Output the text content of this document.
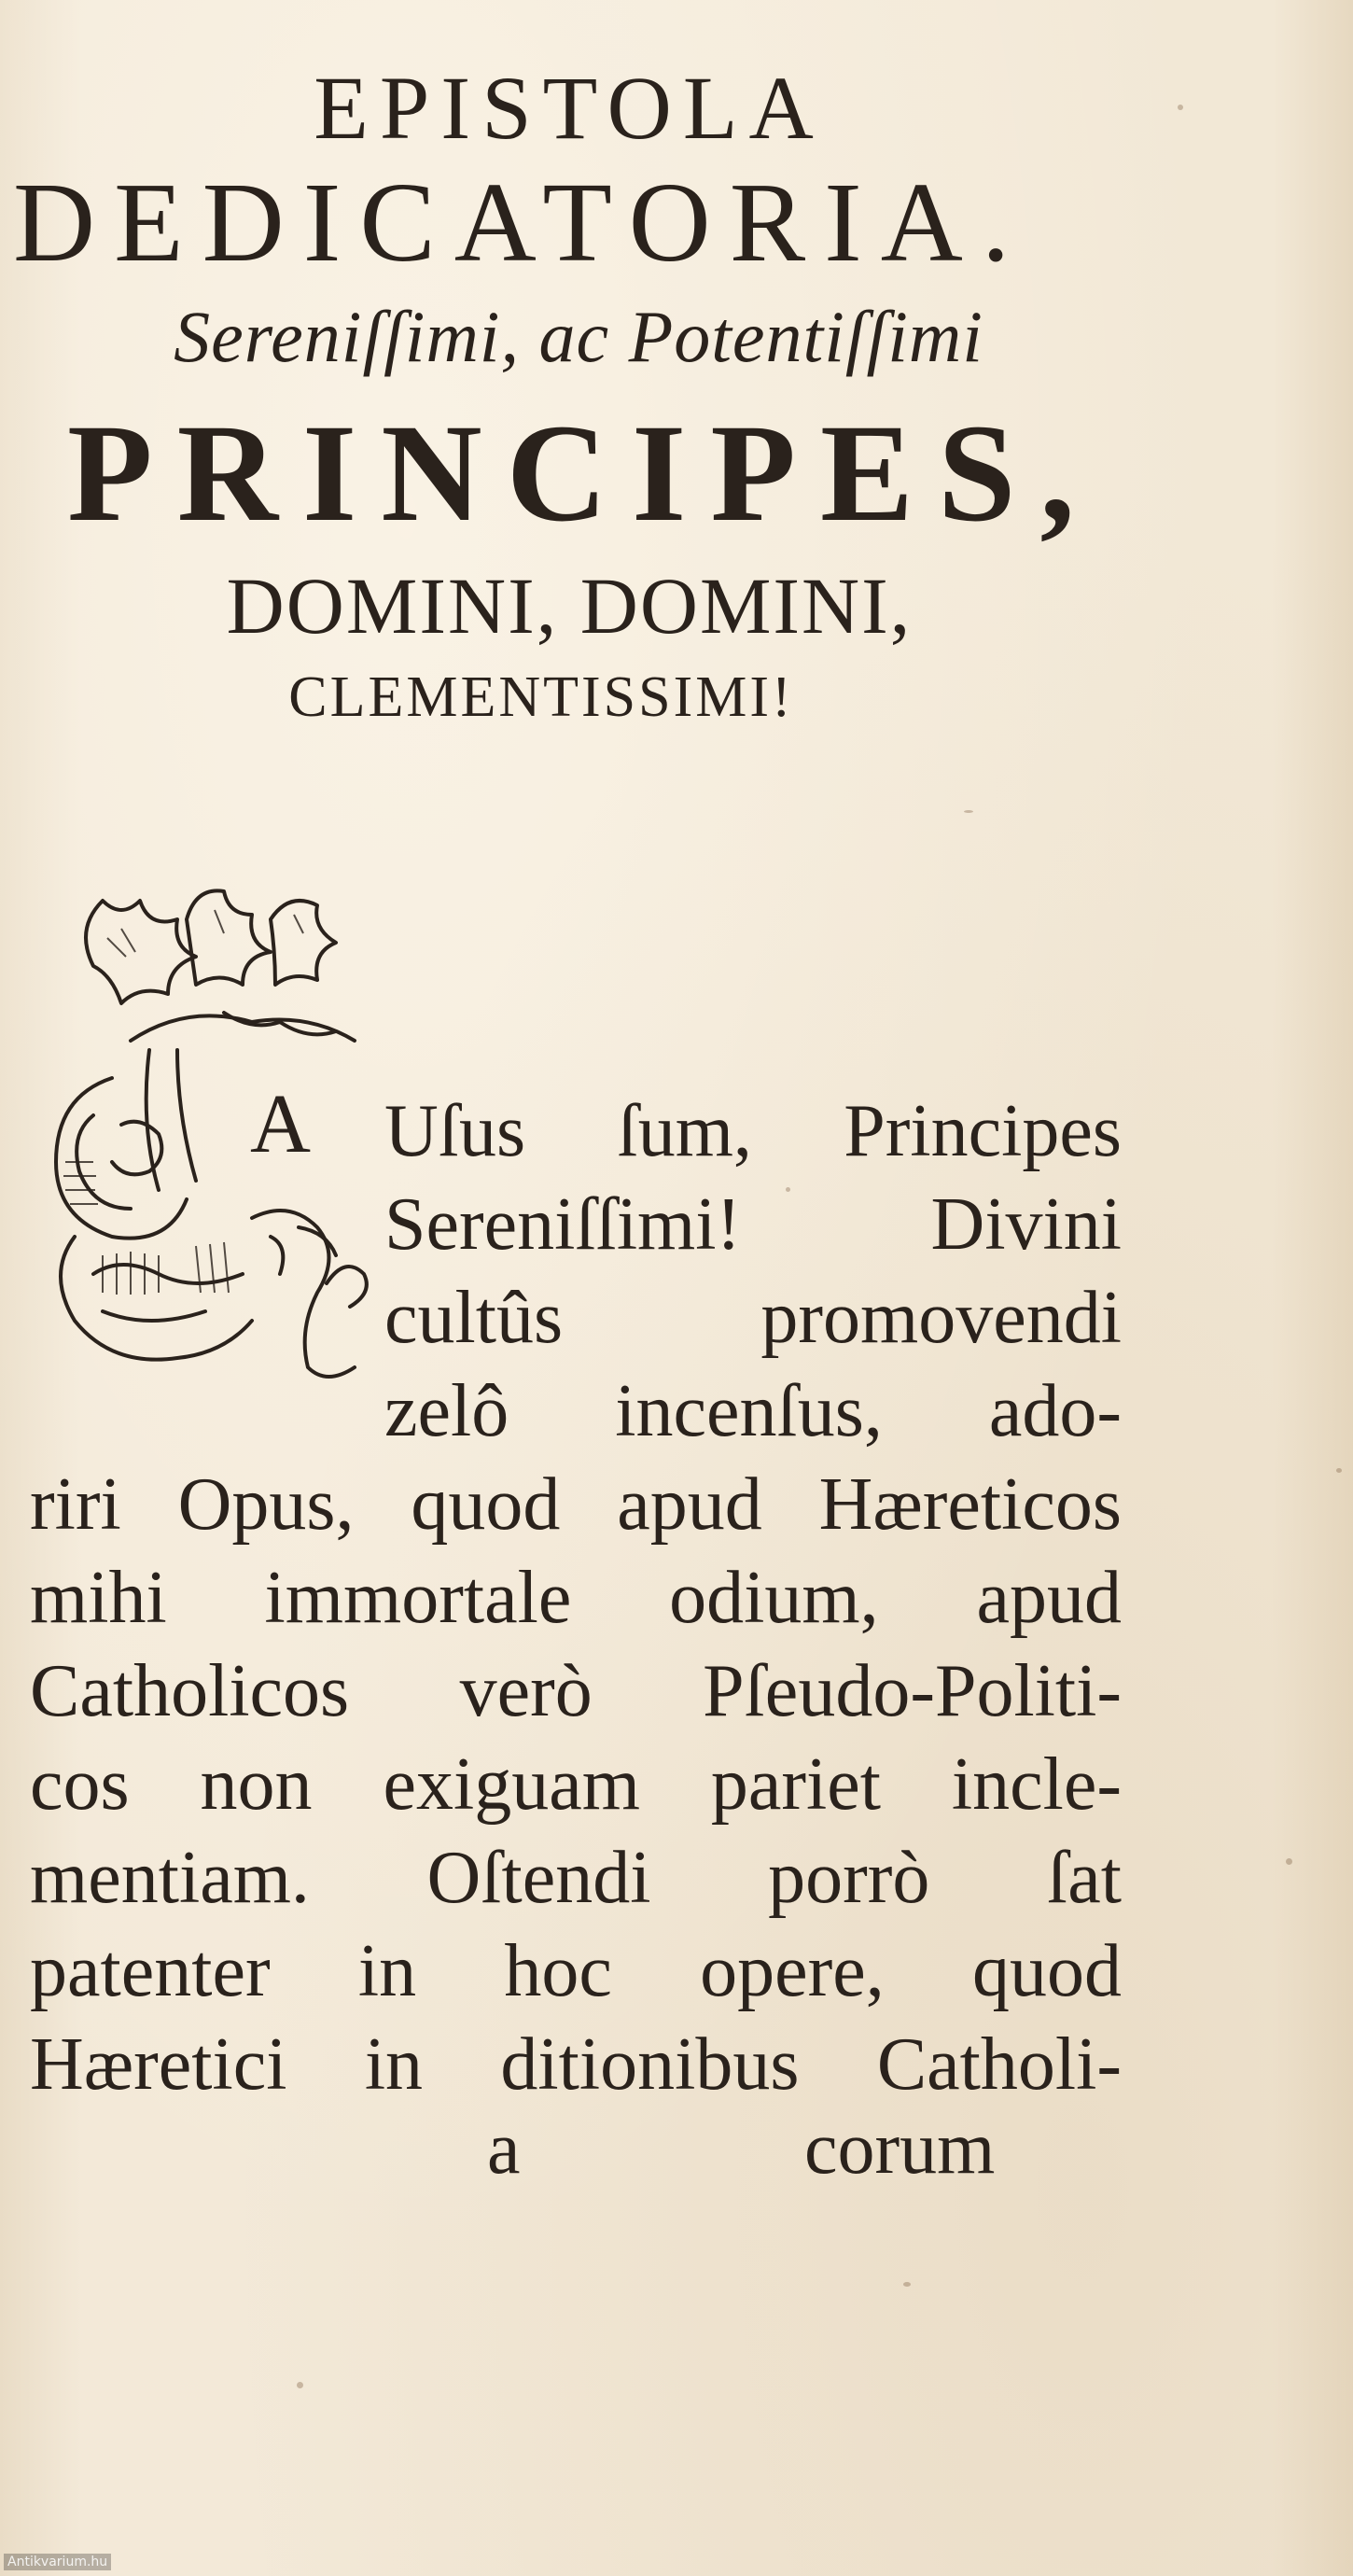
EPISTOLA
DEDICATORIA.
Sereniſſimi, ac Potentiſſimi
PRINCIPES,
DOMINI, DOMINI,
CLEMENTISSIMI!
A Uſus ſum, Principes
Sereniſſimi! Divini
cultûs promovendi
zelô incenſus, ado-
riri Opus, quod apud Hæreticos
mihi immortale odium, apud
Catholicos verò Pſeudo-Politi-
cos non exiguam pariet incle-
mentiam. Oſtendi porrò ſat
patenter in hoc opere, quod
Hæretici in ditionibus Catholi-
a	corum
Antikvarium.hu
